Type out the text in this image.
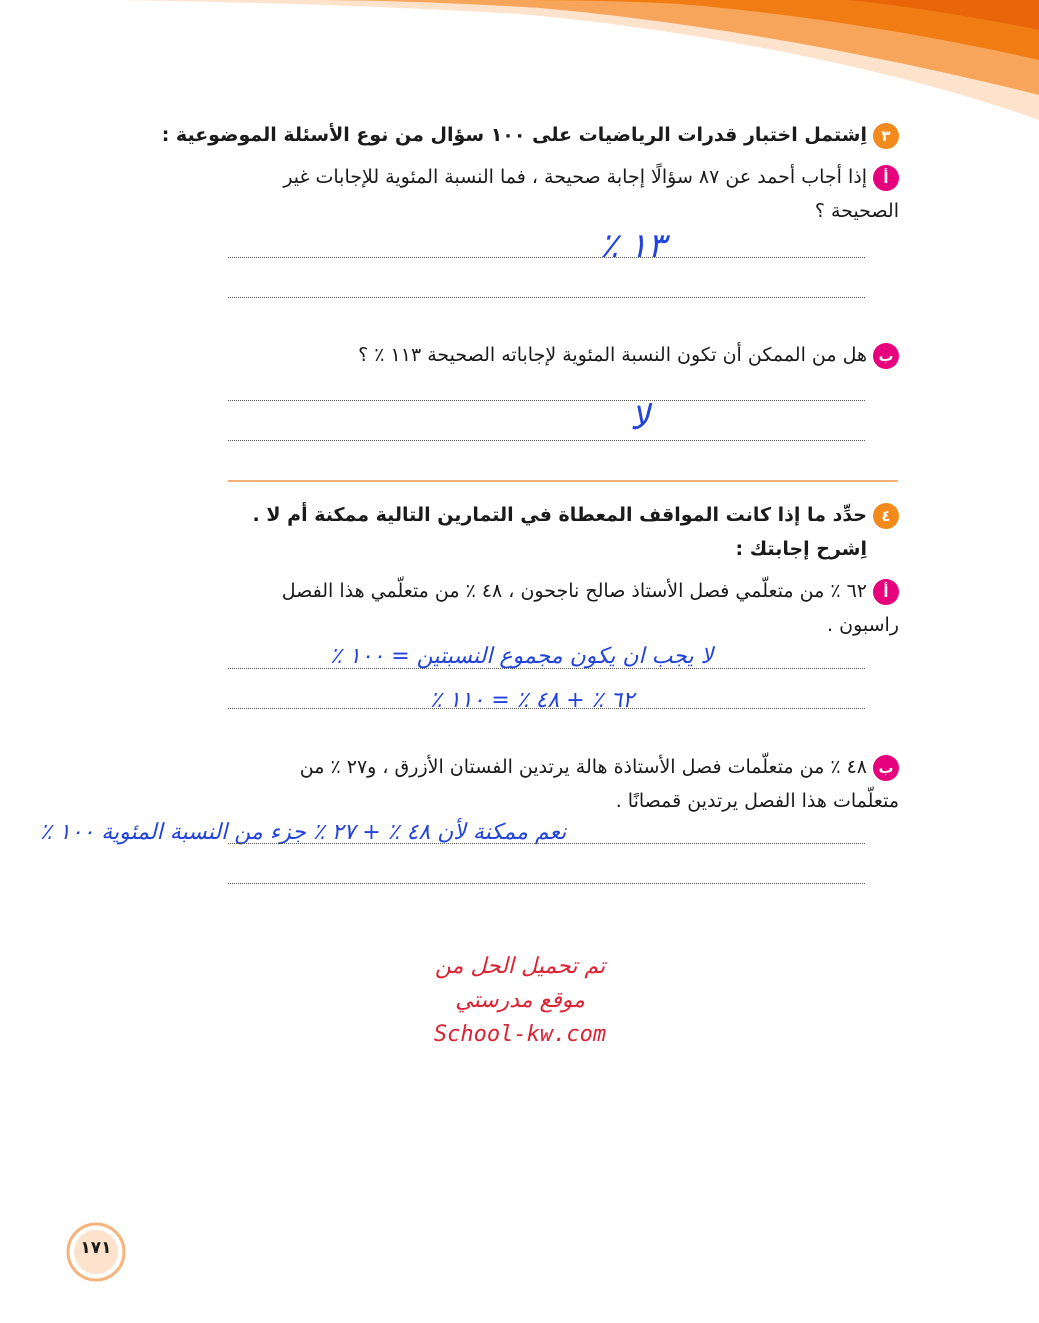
٣اِشتمل اختبار قدرات الرياضيات على ١٠٠ سؤال من نوع الأسئلة الموضوعية :
أإذا أجاب أحمد عن ٨٧ سؤالًا إجابة صحيحة ، فما النسبة المئوية للإجابات غير الصحيحة ؟
١٣ ٪
بهل من الممكن أن تكون النسبة المئوية لإجاباته الصحيحة ١١٣ ٪ ؟
لا
٤حدِّد ما إذا كانت المواقف المعطاة في التمارين التالية ممكنة أم لا .
اِشرح إجابتك :
أ٦٢ ٪ من متعلّمي فصل الأستاذ صالح ناجحون ، ٤٨ ٪ من متعلّمي هذا الفصل راسبون .
لا يجب ان يكون مجموع النسبتين = ١٠٠ ٪
٦٢ ٪ + ٤٨ ٪ = ١١٠ ٪
ب٤٨ ٪ من متعلّمات فصل الأستاذة هالة يرتدين الفستان الأزرق ، و٢٧ ٪ من متعلّمات هذا الفصل يرتدين قمصانًا .
نعم ممكنة لأن ٤٨ ٪ + ٢٧ ٪ جزء من النسبة المئوية ١٠٠ ٪
تم تحميل الحل من
موقع مدرستي
School-kw.com
١٧١
